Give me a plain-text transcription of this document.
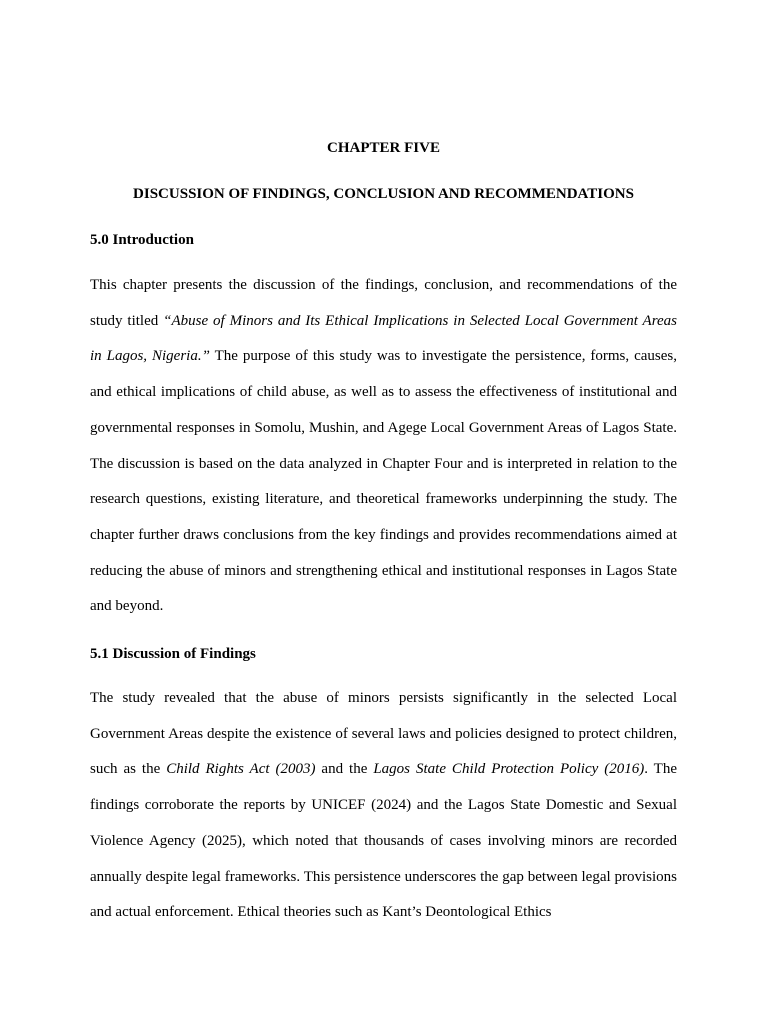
CHAPTER FIVE
DISCUSSION OF FINDINGS, CONCLUSION AND RECOMMENDATIONS
5.0 Introduction

This chapter presents the discussion of the findings, conclusion, and recommendations of the study titled “Abuse of Minors and Its Ethical Implications in Selected Local Government Areas in Lagos, Nigeria.” The purpose of this study was to investigate the persistence, forms, causes, and ethical implications of child abuse, as well as to assess the effectiveness of institutional and governmental responses in Somolu, Mushin, and Agege Local Government Areas of Lagos State. The discussion is based on the data analyzed in Chapter Four and is interpreted in relation to the research questions, existing literature, and theoretical frameworks underpinning the study. The chapter further draws conclusions from the key findings and provides recommendations aimed at reducing the abuse of minors and strengthening ethical and institutional responses in Lagos State and beyond.

5.1 Discussion of Findings

The study revealed that the abuse of minors persists significantly in the selected Local Government Areas despite the existence of several laws and policies designed to protect children, such as the Child Rights Act (2003) and the Lagos State Child Protection Policy (2016). The findings corroborate the reports by UNICEF (2024) and the Lagos State Domestic and Sexual Violence Agency (2025), which noted that thousands of cases involving minors are recorded annually despite legal frameworks. This persistence underscores the gap between legal provisions and actual enforcement. Ethical theories such as Kant’s Deontological Ethics
